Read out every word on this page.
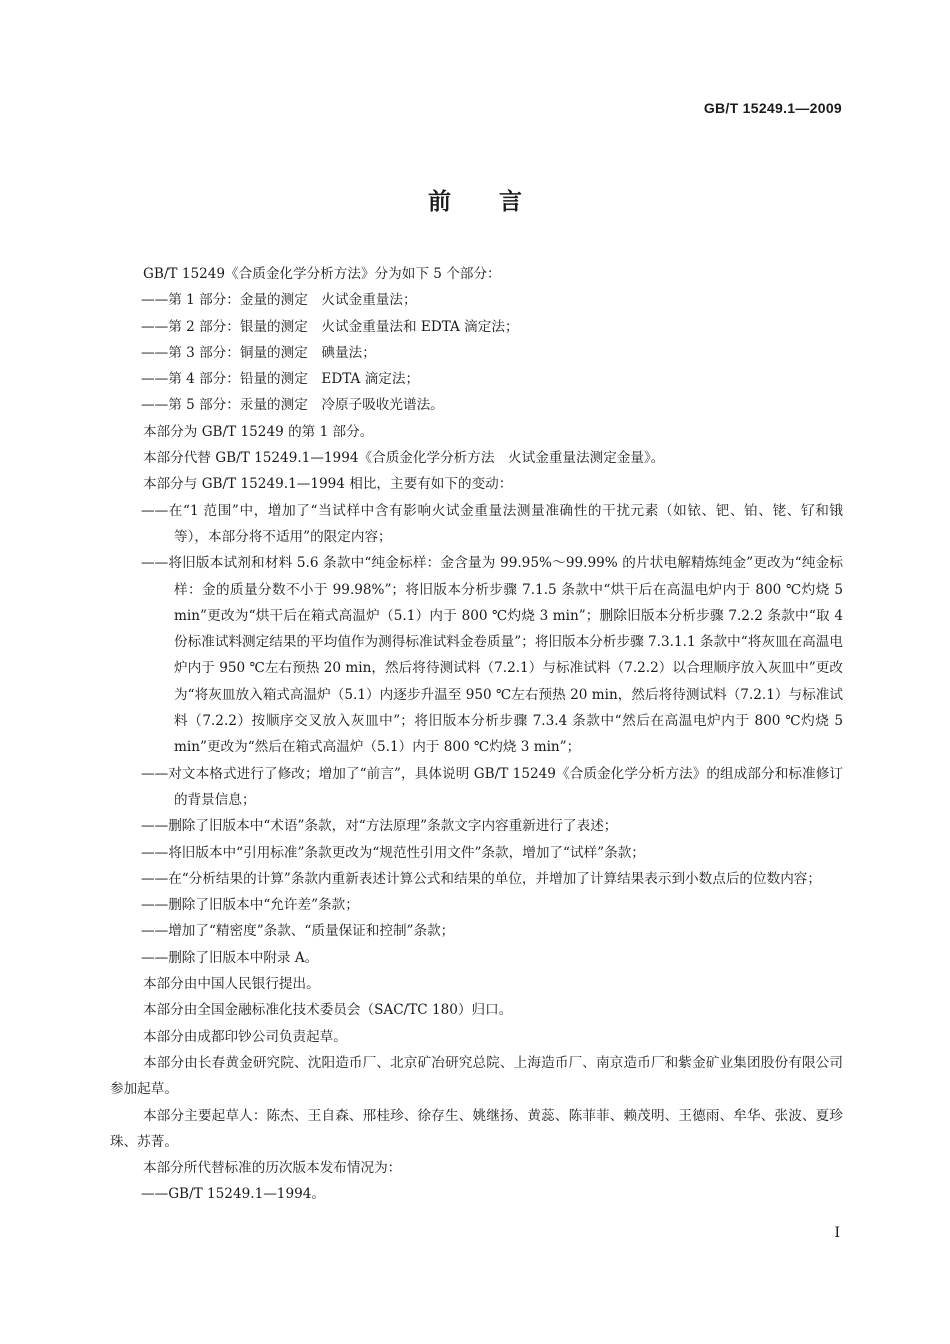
GB/T 15249.1—2009
前言

GB/T 15249《合质金化学分析方法》分为如下 5 个部分：

——第 1 部分：金量的测定　火试金重量法；

——第 2 部分：银量的测定　火试金重量法和 EDTA 滴定法；

——第 3 部分：铜量的测定　碘量法；

——第 4 部分：铅量的测定　EDTA 滴定法；

——第 5 部分：汞量的测定　冷原子吸收光谱法。

本部分为 GB/T 15249 的第 1 部分。

本部分代替 GB/T 15249.1—1994《合质金化学分析方法　火试金重量法测定金量》。

本部分与 GB/T 15249.1—1994 相比，主要有如下的变动：

——在“1 范围”中，增加了“当试样中含有影响火试金重量法测量准确性的干扰元素（如铱、钯、铂、铑、钌和锇等），本部分将不适用”的限定内容；

——将旧版本试剂和材料 5.6 条款中“纯金标样：金含量为 99.95%～99.99% 的片状电解精炼纯金”更改为“纯金标样：金的质量分数不小于 99.98%”；将旧版本分析步骤 7.1.5 条款中“烘干后在高温电炉内于 800 ℃灼烧 5 min”更改为“烘干后在箱式高温炉（5.1）内于 800 ℃灼烧 3 min”；删除旧版本分析步骤 7.2.2 条款中“取 4 份标准试料测定结果的平均值作为测得标准试料金卷质量”；将旧版本分析步骤 7.3.1.1 条款中“将灰皿在高温电炉内于 950 ℃左右预热 20 min，然后将待测试料（7.2.1）与标准试料（7.2.2）以合理顺序放入灰皿中”更改为“将灰皿放入箱式高温炉（5.1）内逐步升温至 950 ℃左右预热 20 min，然后将待测试料（7.2.1）与标准试料（7.2.2）按顺序交叉放入灰皿中”；将旧版本分析步骤 7.3.4 条款中“然后在高温电炉内于 800 ℃灼烧 5 min”更改为“然后在箱式高温炉（5.1）内于 800 ℃灼烧 3 min”；

——对文本格式进行了修改；增加了“前言”，具体说明 GB/T 15249《合质金化学分析方法》的组成部分和标准修订的背景信息；

——删除了旧版本中“术语”条款，对“方法原理”条款文字内容重新进行了表述；

——将旧版本中“引用标准”条款更改为“规范性引用文件”条款，增加了“试样”条款；

——在“分析结果的计算”条款内重新表述计算公式和结果的单位，并增加了计算结果表示到小数点后的位数内容；

——删除了旧版本中“允许差”条款；

——增加了“精密度”条款、“质量保证和控制”条款；

——删除了旧版本中附录 A。

本部分由中国人民银行提出。

本部分由全国金融标准化技术委员会（SAC/TC 180）归口。

本部分由成都印钞公司负责起草。

本部分由长春黄金研究院、沈阳造币厂、北京矿冶研究总院、上海造币厂、南京造币厂和紫金矿业集团股份有限公司参加起草。

本部分主要起草人：陈杰、王自森、邢桂珍、徐存生、姚继扬、黄蕊、陈菲菲、赖茂明、王德雨、牟华、张波、夏珍珠、苏菁。

本部分所代替标准的历次版本发布情况为：

——GB/T 15249.1—1994。

I
